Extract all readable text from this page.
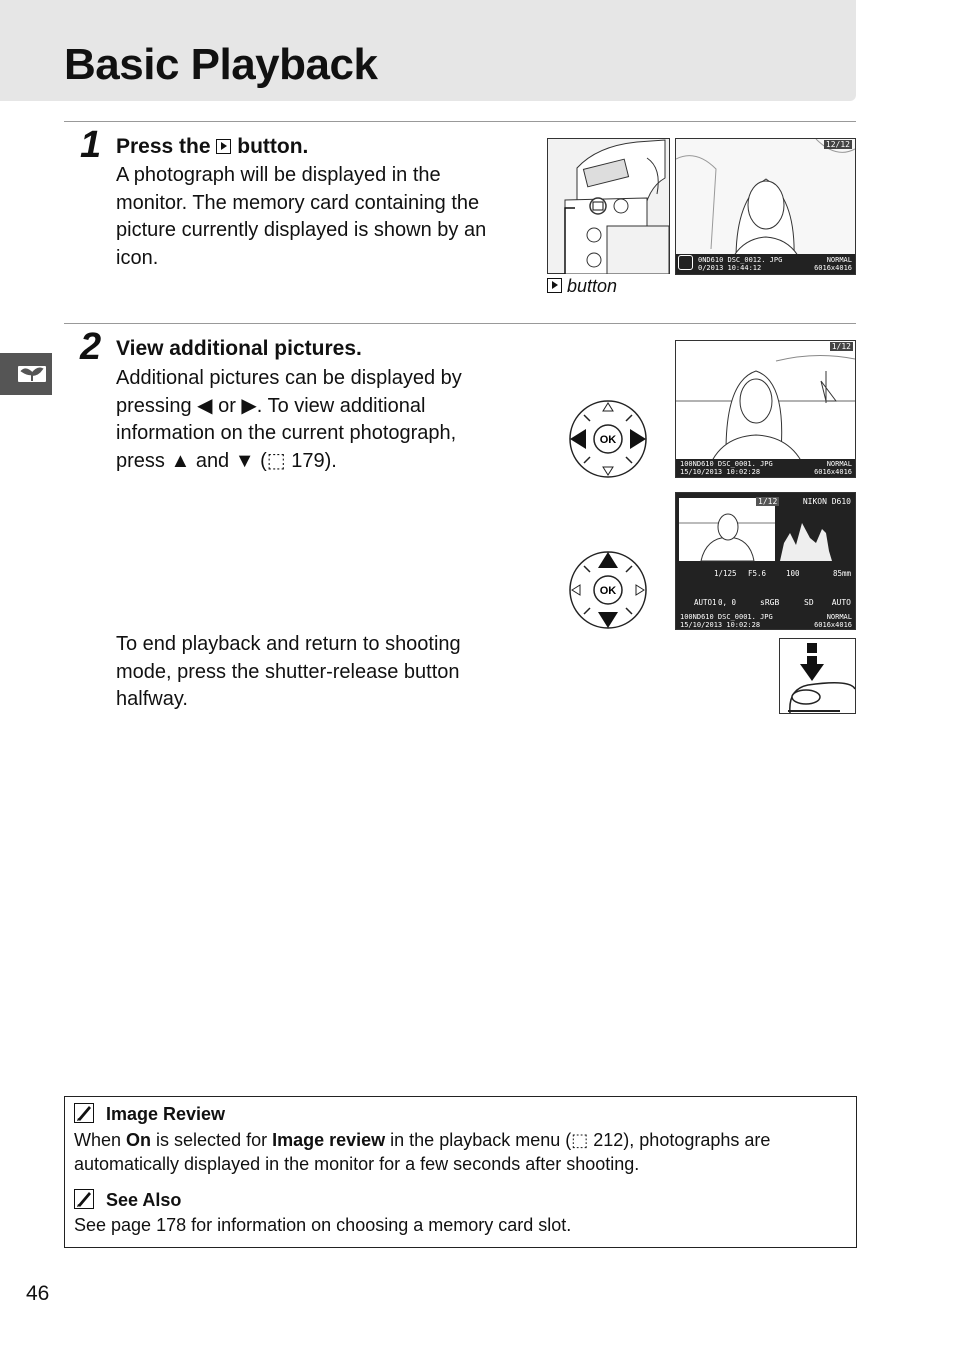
Basic Playback
1 Press the button.
A photograph will be displayed in the monitor. The memory card containing the picture currently displayed is shown by an icon.
button
12/12
0ND610 DSC_0012. JPG
0/2013 10:44:12
NORMAL
6016x4016
2 View additional pictures.
Additional pictures can be displayed by
pressing ◀ or ▶. To view additional
information on the current photograph,
press ▲ and ▼ (⬚ 179).
OK
1/12
100ND610 DSC_0001. JPG
15/10/2013 10:02:28
NORMAL
6016x4016
OK
1/12	NIKON D610
1/125 F5.6	100	85mm
AUTO1 0, 0	sRGB	SD AUTO
100ND610 DSC_0001. JPG
15/10/2013 10:02:28
NORMAL
6016x4016
To end playback and return to shooting mode, press the shutter-release button halfway.
Image Review
When On is selected for Image review in the playback menu (⬚ 212), photographs are automatically displayed in the monitor for a few seconds after shooting.
See Also
See page 178 for information on choosing a memory card slot.
46
